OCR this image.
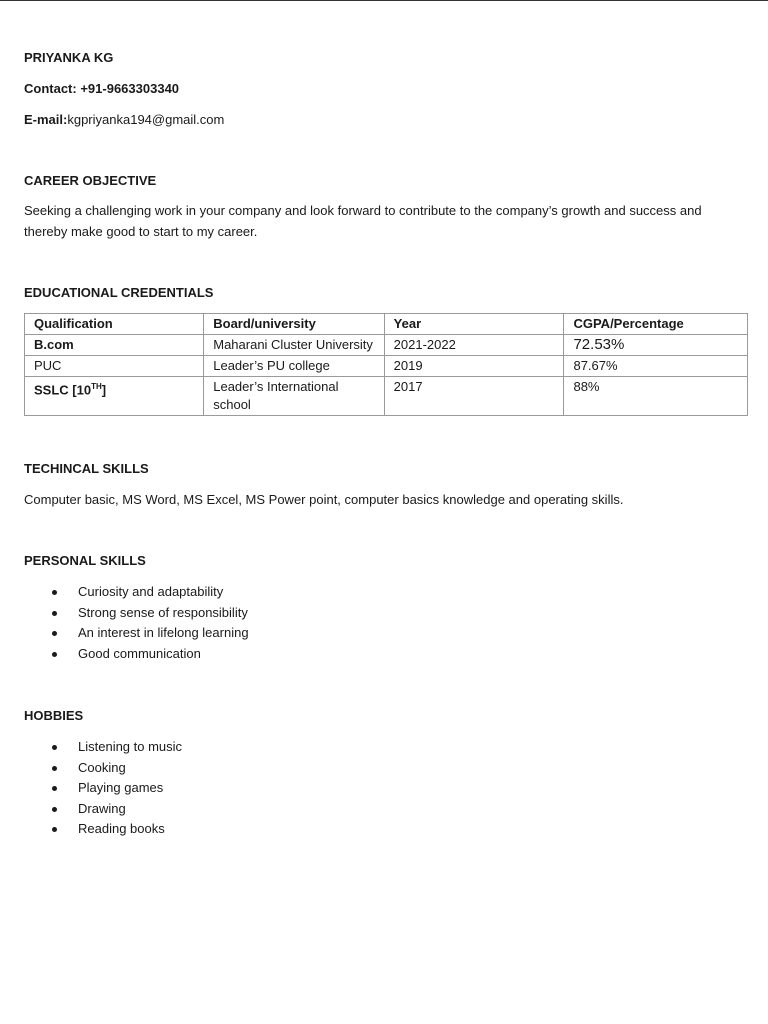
PRIYANKA KG
Contact: +91-9663303340
E-mail:kgpriyanka194@gmail.com
CAREER OBJECTIVE
Seeking a challenging work in your company and look forward to contribute to the company’s growth and success and thereby make good to start to my career.
EDUCATIONAL CREDENTIALS
Qualification	Board/university	Year	CGPA/Percentage
B.com	Maharani Cluster University	2021-2022	72.53%
PUC	Leader’s PU college	2019	87.67%
SSLC [10TH]	Leader’s International school	2017	88%
TECHINCAL SKILLS
Computer basic, MS Word, MS Excel, MS Power point, computer basics knowledge and operating skills.
PERSONAL SKILLS
Curiosity and adaptability
Strong sense of responsibility
An interest in lifelong learning
Good communication
HOBBIES
Listening to music
Cooking
Playing games
Drawing
Reading books
